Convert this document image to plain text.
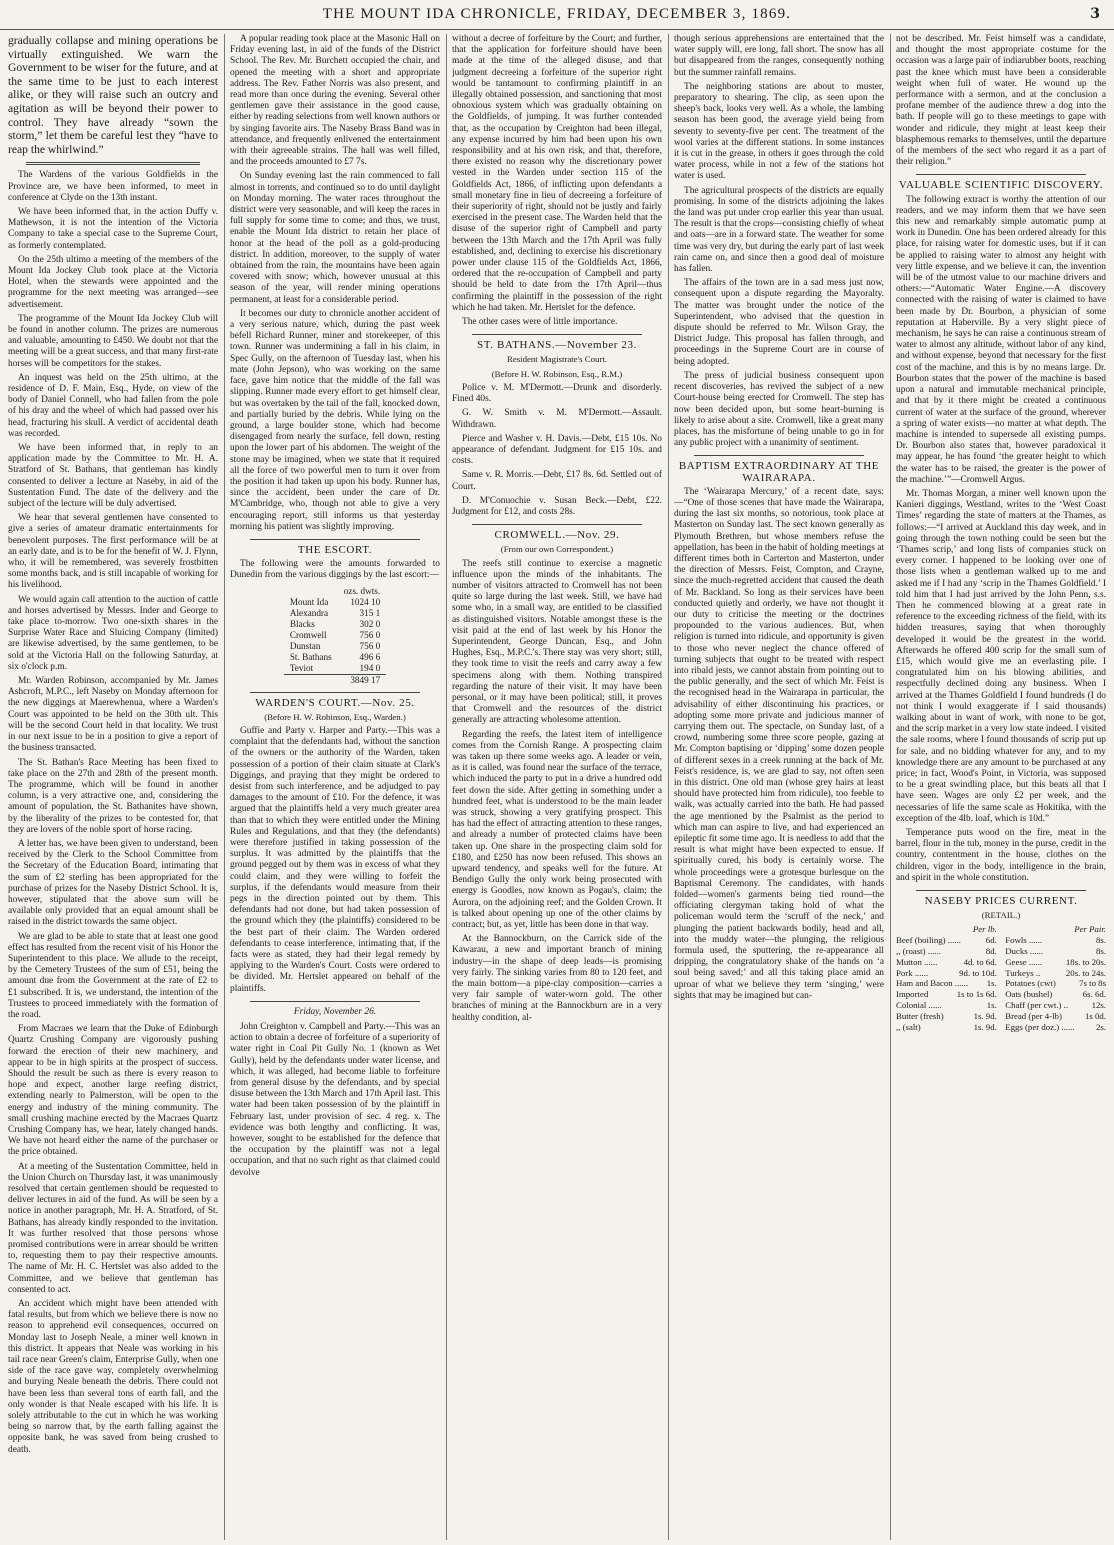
THE MOUNT IDA CHRONICLE, FRIDAY, DECEMBER 3, 1869.	3

gradually collapse and mining operations be virtually extinguished. We warn the Government to be wiser for the future, and at the same time to be just to each interest alike, or they will raise such an outcry and agitation as will be beyond their power to control. They have already “sown the storm,” let them be careful lest they “have to reap the whirlwind.”

The Wardens of the various Goldfields in the Province are, we have been informed, to meet in conference at Clyde on the 13th instant.

We have been informed that, in the action Duffy v. Mathewson, it is not the intention of the Victoria Company to take a special case to the Supreme Court, as formerly contemplated.

On the 25th ultimo a meeting of the members of the Mount Ida Jockey Club took place at the Victoria Hotel, when the stewards were appointed and the programme for the next meeting was arranged—see advertisement.

The programme of the Mount Ida Jockey Club will be found in another column. The prizes are numerous and valuable, amounting to £450. We doubt not that the meeting will be a great success, and that many first-rate horses will be competitors for the stakes.

An inquest was held on the 25th ultimo, at the residence of D. F. Main, Esq., Hyde, on view of the body of Daniel Connell, who had fallen from the pole of his dray and the wheel of which had passed over his head, fracturing his skull. A verdict of accidental death was recorded.

We have been informed that, in reply to an application made by the Committee to Mr. H. A. Stratford of St. Bathans, that gentleman has kindly consented to deliver a lecture at Naseby, in aid of the Sustentation Fund. The date of the delivery and the subject of the lecture will be duly advertised.

We hear that several gentlemen have consented to give a series of amateur dramatic entertainments for benevolent purposes. The first performance will be at an early date, and is to be for the benefit of W. J. Flynn, who, it will be remembered, was severely frostbitten some months back, and is still incapable of working for his livelihood.

We would again call attention to the auction of cattle and horses advertised by Messrs. Inder and George to take place to-morrow. Two one-sixth shares in the Surprise Water Race and Sluicing Company (limited) are likewise advertised, by the same gentlemen, to be sold at the Victoria Hall on the following Saturday, at six o'clock p.m.

Mr. Warden Robinson, accompanied by Mr. James Ashcroft, M.P.C., left Naseby on Monday afternoon for the new diggings at Maerewhenua, where a Warden's Court was appointed to be held on the 30th ult. This will be the second Court held in that locality. We trust in our next issue to be in a position to give a report of the business transacted.

The St. Bathan's Race Meeting has been fixed to take place on the 27th and 28th of the present month. The programme, which will be found in another column, is a very attractive one, and, considering the amount of population, the St. Bathanites have shown, by the liberality of the prizes to be contested for, that they are lovers of the noble sport of horse racing.

A letter has, we have been given to understand, been received by the Clerk to the School Committee from the Secretary of the Education Board, intimating that the sum of £2 sterling has been appropriated for the purchase of prizes for the Naseby District School. It is, however, stipulated that the above sum will be available only provided that an equal amount shall be raised in the district towards the same object.

We are glad to be able to state that at least one good effect has resulted from the recent visit of his Honor the Superintendent to this place. We allude to the receipt, by the Cemetery Trustees of the sum of £51, being the amount due from the Government at the rate of £2 to £1 subscribed. It is, we understand, the intention of the Trustees to proceed immediately with the formation of the road.

From Macraes we learn that the Duke of Edinburgh Quartz Crushing Company are vigorously pushing forward the erection of their new machinery, and appear to be in high spirits at the prospect of success. Should the result be such as there is every reason to hope and expect, another large reefing district, extending nearly to Palmerston, will be open to the energy and industry of the mining community. The small crushing machine erected by the Macraes Quartz Crushing Company has, we hear, lately changed hands. We have not heard either the name of the purchaser or the price obtained.

At a meeting of the Sustentation Committee, held in the Union Church on Thursday last, it was unanimously resolved that certain gentlemen should be requested to deliver lectures in aid of the fund. As will be seen by a notice in another paragraph, Mr. H. A. Stratford, of St. Bathans, has already kindly responded to the invitation. It was further resolved that those persons whose promised contributions were in arrear should be written to, requesting them to pay their respective amounts. The name of Mr. H. C. Hertslet was also added to the Committee, and we believe that gentleman has consented to act.

An accident which might have been attended with fatal results, but from which we believe there is now no reason to apprehend evil consequences, occurred on Monday last to Joseph Neale, a miner well known in this district. It appears that Neale was working in his tail race near Green's claim, Enterprise Gully, when one side of the race gave way, completely overwhelming and burying Neale beneath the debris. There could not have been less than several tons of earth fall, and the only wonder is that Neale escaped with his life. It is solely attributable to the cut in which he was working being so narrow that, by the earth falling against the opposite bank, he was saved from being crushed to death.

A popular reading took place at the Masonic Hall on Friday evening last, in aid of the funds of the District School. The Rev. Mr. Burchett occupied the chair, and opened the meeting with a short and appropriate address. The Rev. Father Norris was also present, and read more than once during the evening. Several other gentlemen gave their assistance in the good cause, either by reading selections from well known authors or by singing favorite airs. The Naseby Brass Band was in attendance, and frequently enlivened the entertainment with their agreeable strains. The hall was well filled, and the proceeds amounted to £7 7s.

On Sunday evening last the rain commenced to fall almost in torrents, and continued so to do until daylight on Monday morning. The water races throughout the district were very seasonable, and will keep the races in full supply for some time to come; and thus, we trust, enable the Mount Ida district to retain her place of honor at the head of the poll as a gold-producing district. In addition, moreover, to the supply of water obtained from the rain, the mountains have been again covered with snow; which, however unusual at this season of the year, will render mining operations permanent, at least for a considerable period.

It becomes our duty to chronicle another accident of a very serious nature, which, during the past week befell Richard Runner, miner and storekeeper, of this town. Runner was undermining a fall in his claim, in Spec Gully, on the afternoon of Tuesday last, when his mate (John Jepson), who was working on the same face, gave him notice that the middle of the fall was slipping. Runner made every effort to get himself clear, but was overtaken by the tail of the fall, knocked down, and partially buried by the debris. While lying on the ground, a large boulder stone, which had become disengaged from nearly the surface, fell down, resting upon the lower part of his abdomen. The weight of the stone may be imagined, when we state that it required all the force of two powerful men to turn it over from the position it had taken up upon his body. Runner has, since the accident, been under the care of Dr. M'Cambridge, who, though not able to give a very encouraging report, still informs us that yesterday morning his patient was slightly improving.

THE ESCORT.

The following were the amounts forwarded to Dunedin from the various diggings by the last escort:—

	ozs. dwts.
Mount Ida	1024 10
Alexandra	315 1
Blacks	302 0
Cromwell	756 0
Dunstan	756 0
St. Bathans	496 6
Teviot	194 0
	3849 17
WARDEN'S COURT.—Nov. 25.
(Before H. W. Robinson, Esq., Warden.)

Guffie and Party v. Harper and Party.—This was a complaint that the defendants had, without the sanction of the owners or the authority of the Warden, taken possession of a portion of their claim situate at Clark's Diggings, and praying that they might be ordered to desist from such interference, and be adjudged to pay damages to the amount of £10. For the defence, it was argued that the plaintiffs held a very much greater area than that to which they were entitled under the Mining Rules and Regulations, and that they (the defendants) were therefore justified in taking possession of the surplus. It was admitted by the plaintiffs that the ground pegged out by them was in excess of what they could claim, and they were willing to forfeit the surplus, if the defendants would measure from their pegs in the direction pointed out by them. This defendants had not done, but had taken possession of the ground which they (the plaintiffs) considered to be the best part of their claim. The Warden ordered defendants to cease interference, intimating that, if the facts were as stated, they had their legal remedy by applying to the Warden's Court. Costs were ordered to be divided. Mr. Hertslet appeared on behalf of the plaintiffs.

Friday, November 26.

John Creighton v. Campbell and Party.—This was an action to obtain a decree of forfeiture of a superiority of water right in Coal Pit Gully No. 1 (known as Wet Gully), held by the defendants under water license, and which, it was alleged, had become liable to forfeiture from general disuse by the defendants, and by special disuse between the 13th March and 17th April last. This water had been taken possession of by the plaintiff in February last, under provision of sec. 4 reg. x. The evidence was both lengthy and conflicting. It was, however, sought to be established for the defence that the occupation by the plaintiff was not a legal occupation, and that no such right as that claimed could devolve

without a decree of forfeiture by the Court; and further, that the application for forfeiture should have been made at the time of the alleged disuse, and that judgment decreeing a forfeiture of the superior right would be tantamount to confirming plaintiff in an illegally obtained possession, and sanctioning that most obnoxious system which was gradually obtaining on the Goldfields, of jumping. It was further contended that, as the occupation by Creighton had been illegal, any expense incurred by him had been upon his own responsibility and at his own risk, and that, therefore, there existed no reason why the discretionary power vested in the Warden under section 115 of the Goldfields Act, 1866, of inflicting upon defendants a small monetary fine in lieu of decreeing a forfeiture of their superiority of right, should not be justly and fairly exercised in the present case. The Warden held that the disuse of the superior right of Campbell and party between the 13th March and the 17th April was fully established, and, declining to exercise his discretionary power under clause 115 of the Goldfields Act, 1866, ordered that the re-occupation of Campbell and party should be held to date from the 17th April—thus confirming the plaintiff in the possession of the right which he had taken. Mr. Hertslet for the defence.

The other cases were of little importance.

ST. BATHANS.—November 23.
Resident Magistrate's Court.
(Before H. W. Robinson, Esq., R.M.)

Police v. M. M'Dermott.—Drunk and disorderly. Fined 40s.

G. W. Smith v. M. M'Dermott.—Assault. Withdrawn.

Pierce and Washer v. H. Davis.—Debt, £15 10s. No appearance of defendant. Judgment for £15 10s. and costs.

Same v. R. Morris.—Debt, £17 8s. 6d. Settled out of Court.

D. M'Conuochie v. Susan Beck.—Debt, £22. Judgment for £12, and costs 28s.

CROMWELL.—Nov. 29.
(From our own Correspondent.)

The reefs still continue to exercise a magnetic influence upon the minds of the inhabitants. The number of visitors attracted to Cromwell has not been quite so large during the last week. Still, we have had some who, in a small way, are entitled to be classified as distinguished visitors. Notable amongst these is the visit paid at the end of last week by his Honor the Superintendent, George Duncan, Esq., and John Hughes, Esq., M.P.C.'s. There stay was very short; still, they took time to visit the reefs and carry away a few specimens along with them. Nothing transpired regarding the nature of their visit. It may have been personal, or it may have been political; still, it proves that Cromwell and the resources of the district generally are attracting wholesome attention.

Regarding the reefs, the latest item of intelligence comes from the Cornish Range. A prospecting claim was taken up there some weeks ago. A leader or vein, as it is called, was found near the surface of the terrace, which induced the party to put in a drive a hundred odd feet down the side. After getting in something under a hundred feet, what is understood to be the main leader was struck, showing a very gratifying prospect. This has had the effect of attracting attention to these ranges, and already a number of protected claims have been taken up. One share in the prospecting claim sold for £180, and £250 has now been refused. This shows an upward tendency, and speaks well for the future. At Bendigo Gully the only work being prosecuted with energy is Goodles, now known as Pogau's, claim; the Aurora, on the adjoining reef; and the Golden Crown. It is talked about opening up one of the other claims by contract; but, as yet, little has been done in that way.

At the Bannockburn, on the Carrick side of the Kawarau, a new and important branch of mining industry—in the shape of deep leads—is promising very fairly. The sinking varies from 80 to 120 feet, and the main bottom—a pipe-clay composition—carries a very fair sample of water-worn gold. The other branches of mining at the Bannockburn are in a very healthy condition, al-

though serious apprehensions are entertained that the water supply will, ere long, fall short. The snow has all but disappeared from the ranges, consequently nothing but the summer rainfall remains.

The neighboring stations are about to muster, preparatory to shearing. The clip, as seen upon the sheep's back, looks very well. As a whole, the lambing season has been good, the average yield being from seventy to seventy-five per cent. The treatment of the wool varies at the different stations. In some instances it is cut in the grease, in others it goes through the cold water process, while in not a few of the stations hot water is used.

The agricultural prospects of the districts are equally promising. In some of the districts adjoining the lakes the land was put under crop earlier this year than usual. The result is that the crops—consisting chiefly of wheat and oats—are in a forward state. The weather for some time was very dry, but during the early part of last week rain came on, and since then a good deal of moisture has fallen.

The affairs of the town are in a sad mess just now, consequent upon a dispute regarding the Mayoralty. The matter was brought under the notice of the Superintendent, who advised that the question in dispute should be referred to Mr. Wilson Gray, the District Judge. This proposal has fallen through, and proceedings in the Supreme Court are in course of being adopted.

The press of judicial business consequent upon recent discoveries, has revived the subject of a new Court-house being erected for Cromwell. The step has now been decided upon, but some heart-burning is likely to arise about a site. Cromwell, like a great many places, has the misfortune of being unable to go in for any public project with a unanimity of sentiment.

BAPTISM EXTRAORDINARY AT THE WAIRARAPA.

The ‘Wairarapa Mercury,’ of a recent date, says:—“One of those scenes that have made the Wairarapa, during the last six months, so notorious, took place at Masterton on Sunday last. The sect known generally as Plymouth Brethren, but whose members refuse the appellation, has been in the habit of holding meetings at different times both in Carterton and Masterton, under the direction of Messrs. Feist, Compton, and Crayne, since the much-regretted accident that caused the death of Mr. Backland. So long as their services have been conducted quietly and orderly, we have not thought it our duty to criticise the meeting or the doctrines propounded to the various audiences. But, when religion is turned into ridicule, and opportunity is given to those who never neglect the chance offered of turning subjects that ought to be treated with respect into ribald jests, we cannot abstain from pointing out to the public generally, and the sect of which Mr. Feist is the recognised head in the Wairarapa in particular, the advisability of either discontinuing his practices, or adopting some more private and judicious manner of carrying them out. The spectacle, on Sunday last, of a crowd, numbering some three score people, gazing at Mr. Compton baptising or ‘dipping’ some dozen people of different sexes in a creek running at the back of Mr. Feist's residence, is, we are glad to say, not often seen in this district. One old man (whose grey hairs at least should have protected him from ridicule), too feeble to walk, was actually carried into the bath. He had passed the age mentioned by the Psalmist as the period to which man can aspire to live, and had experienced an epileptic fit some time ago. It is needless to add that the result is what might have been expected to ensue. If spiritually cured, his body is certainly worse. The whole proceedings were a grotesque burlesque on the Baptismal Ceremony. The candidates, with hands folded—women's garments being tied round—the officiating clergyman taking hold of what the policeman would term the ‘scruff of the neck,’ and plunging the patient backwards bodily, head and all, into the muddy water—the plunging, the religious formula used, the sputtering, the re-appearance all dripping, the congratulatory shake of the hands on ‘a soul being saved;’ and all this taking place amid an uproar of what we believe they term ‘singing,’ were sights that may be imagined but can-

not be described. Mr. Feist himself was a candidate, and thought the most appropriate costume for the occasion was a large pair of indiarubber boots, reaching past the knee which must have been a considerable weight when full of water. He wound up the performance with a sermon, and at the conclusion a profane member of the audience threw a dog into the bath. If people will go to these meetings to gape with wonder and ridicule, they might at least keep their blasphemous remarks to themselves, until the departure of the members of the sect who regard it as a part of their religion.”

VALUABLE SCIENTIFIC DISCOVERY.

The following extract is worthy the attention of our readers, and we may inform them that we have seen this new and remarkably simple automatic pump at work in Dunedin. One has been ordered already for this place, for raising water for domestic uses, but if it can be applied to raising water to almost any height with very little expense, and we believe it can, the invention will be of the utmost value to our machine drivers and others:—“Automatic Water Engine.—A discovery connected with the raising of water is claimed to have been made by Dr. Bourbon, a physician of some reputation at Haberville. By a very slight piece of mechanism, he says he can raise a continuous stream of water to almost any altitude, without labor of any kind, and without expense, beyond that necessary for the first cost of the machine, and this is by no means large. Dr. Bourbon states that the power of the machine is based upon a natural and immutable mechanical principle, and that by it there might be created a continuous current of water at the surface of the ground, wherever a spring of water exists—no matter at what depth. The machine is intended to supersede all existing pumps. Dr. Bourbon also states that, however paradoxical it may appear, he has found ‘the greater height to which the water has to be raised, the greater is the power of the machine.’”—Cromwell Argus.

Mr. Thomas Morgan, a miner well known upon the Kanieri diggings, Westland, writes to the ‘West Coast Times’ regarding the state of matters at the Thames, as follows:—“I arrived at Auckland this day week, and in going through the town nothing could be seen but the ‘Thames scrip,’ and long lists of companies stuck on every corner. I happened to be looking over one of those lists when a gentleman walked up to me and asked me if I had any ‘scrip in the Thames Goldfield.’ I told him that I had just arrived by the John Penn, s.s. Then he commenced blowing at a great rate in reference to the exceeding richness of the field, with its hidden treasures, saying that when thoroughly developed it would be the greatest in the world. Afterwards he offered 400 scrip for the small sum of £15, which would give me an everlasting pile. I congratulated him on his blowing abilities, and respectfully declined doing any business. When I arrived at the Thames Goldfield I found hundreds (I do not think I would exaggerate if I said thousands) walking about in want of work, with none to be got, and the scrip market in a very low state indeed. I visited the sale rooms, where I found thousands of scrip put up for sale, and no bidding whatever for any, and to my knowledge there are any amount to be purchased at any price; in fact, Wood's Point, in Victoria, was supposed to be a great swindling place, but this beats all that I have seen. Wages are only £2 per week, and the necessaries of life the same scale as Hokitika, with the exception of the 4lb. loaf, which is 10d.”

Temperance puts wood on the fire, meat in the barrel, flour in the tub, money in the purse, credit in the country, contentment in the house, clothes on the children, vigor in the body, intelligence in the brain, and spirit in the whole constitution.

NASEBY PRICES CURRENT.
(RETAIL.)
Per lb.
Beef (boiling) ......	6d.
,, (roast) ......	8d.
Mutton ......	4d. to 6d.
Pork ......	9d. to 10d.
Ham and Bacon ...... 1s.
Imported	1s to 1s 6d.
Colonial ......	1s.
Butter (fresh)	1s. 9d.
,, (salt)	1s. 9d.
Per Pair.
Fowls ......	8s.
Ducks ......	8s.
Geese ......	18s. to 20s.
Turkeys ..	20s. to 24s.
Potatoes (cwt)	7s to 8s
Oats (bushel)	6s. 6d.
Chaff (per cwt.) ..	12s.
Bread (per 4-lb)	1s 0d.
Eggs (per doz.) ...... 2s.
